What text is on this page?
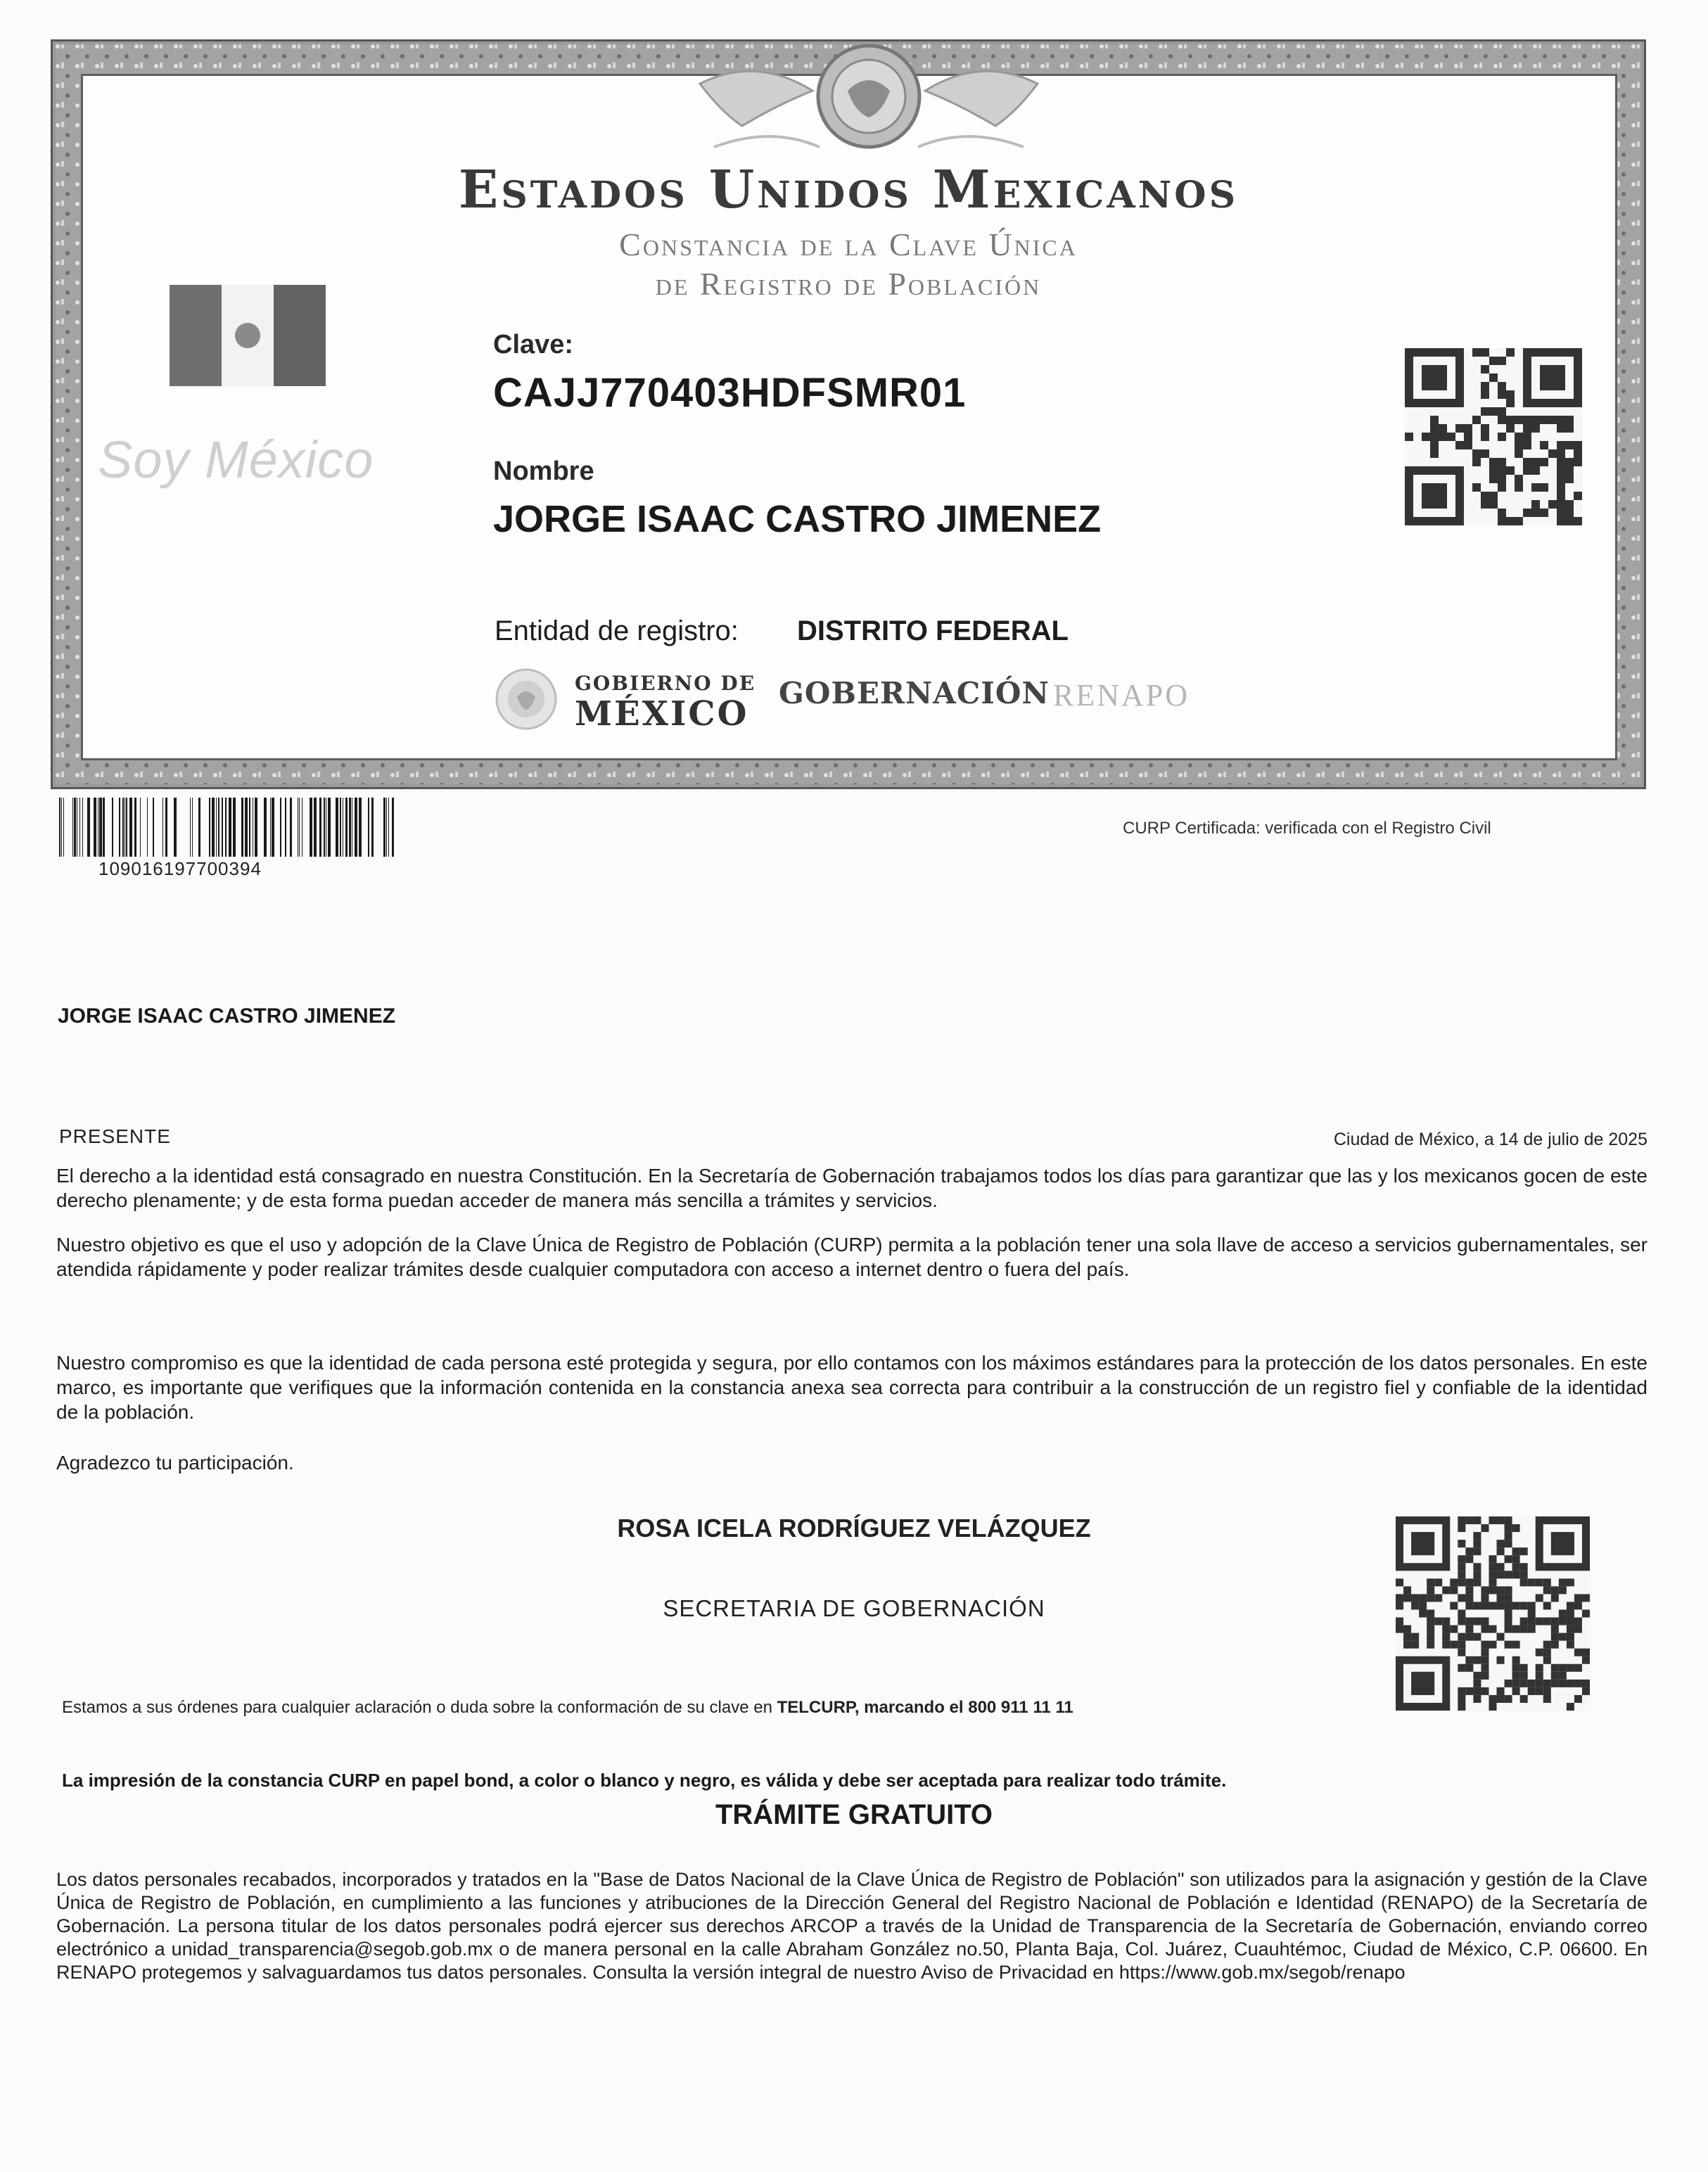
Estados Unidos Mexicanos
Constancia de la Clave Única
de Registro de Población
Soy México
Clave:
CAJJ770403HDFSMR01
Nombre
JORGE ISAAC CASTRO JIMENEZ
Entidad de registro: DISTRITO FEDERAL
GOBIERNO DE
MÉXICO
GOBERNACIÓN RENAPO
109016197700394
CURP Certificada: verificada con el Registro Civil
JORGE ISAAC CASTRO JIMENEZ
PRESENTE	Ciudad de México, a 14 de julio de 2025
El derecho a la identidad está consagrado en nuestra Constitución. En la Secretaría de Gobernación trabajamos todos los días para garantizar que las y los mexicanos gocen de este derecho plenamente; y de esta forma puedan acceder de manera más sencilla a trámites y servicios.
Nuestro objetivo es que el uso y adopción de la Clave Única de Registro de Población (CURP) permita a la población tener una sola llave de acceso a servicios gubernamentales, ser atendida rápidamente y poder realizar trámites desde cualquier computadora con acceso a internet dentro o fuera del país.
Nuestro compromiso es que la identidad de cada persona esté protegida y segura, por ello contamos con los máximos estándares para la protección de los datos personales. En este marco, es importante que verifiques que la información contenida en la constancia anexa sea correcta para contribuir a la construcción de un registro fiel y confiable de la identidad de la población.
Agradezco tu participación.
ROSA ICELA RODRÍGUEZ VELÁZQUEZ
SECRETARIA DE GOBERNACIÓN
Estamos a sus órdenes para cualquier aclaración o duda sobre la conformación de su clave en TELCURP, marcando el 800 911 11 11
La impresión de la constancia CURP en papel bond, a color o blanco y negro, es válida y debe ser aceptada para realizar todo trámite.
TRÁMITE GRATUITO
Los datos personales recabados, incorporados y tratados en la "Base de Datos Nacional de la Clave Única de Registro de Población" son utilizados para la asignación y gestión de la Clave Única de Registro de Población, en cumplimiento a las funciones y atribuciones de la Dirección General del Registro Nacional de Población e Identidad (RENAPO) de la Secretaría de Gobernación. La persona titular de los datos personales podrá ejercer sus derechos ARCOP a través de la Unidad de Transparencia de la Secretaría de Gobernación, enviando correo electrónico a unidad_transparencia@segob.gob.mx o de manera personal en la calle Abraham González no.50, Planta Baja, Col. Juárez, Cuauhtémoc, Ciudad de México, C.P. 06600. En RENAPO protegemos y salvaguardamos tus datos personales. Consulta la versión integral de nuestro Aviso de Privacidad en https://www.gob.mx/segob/renapo
